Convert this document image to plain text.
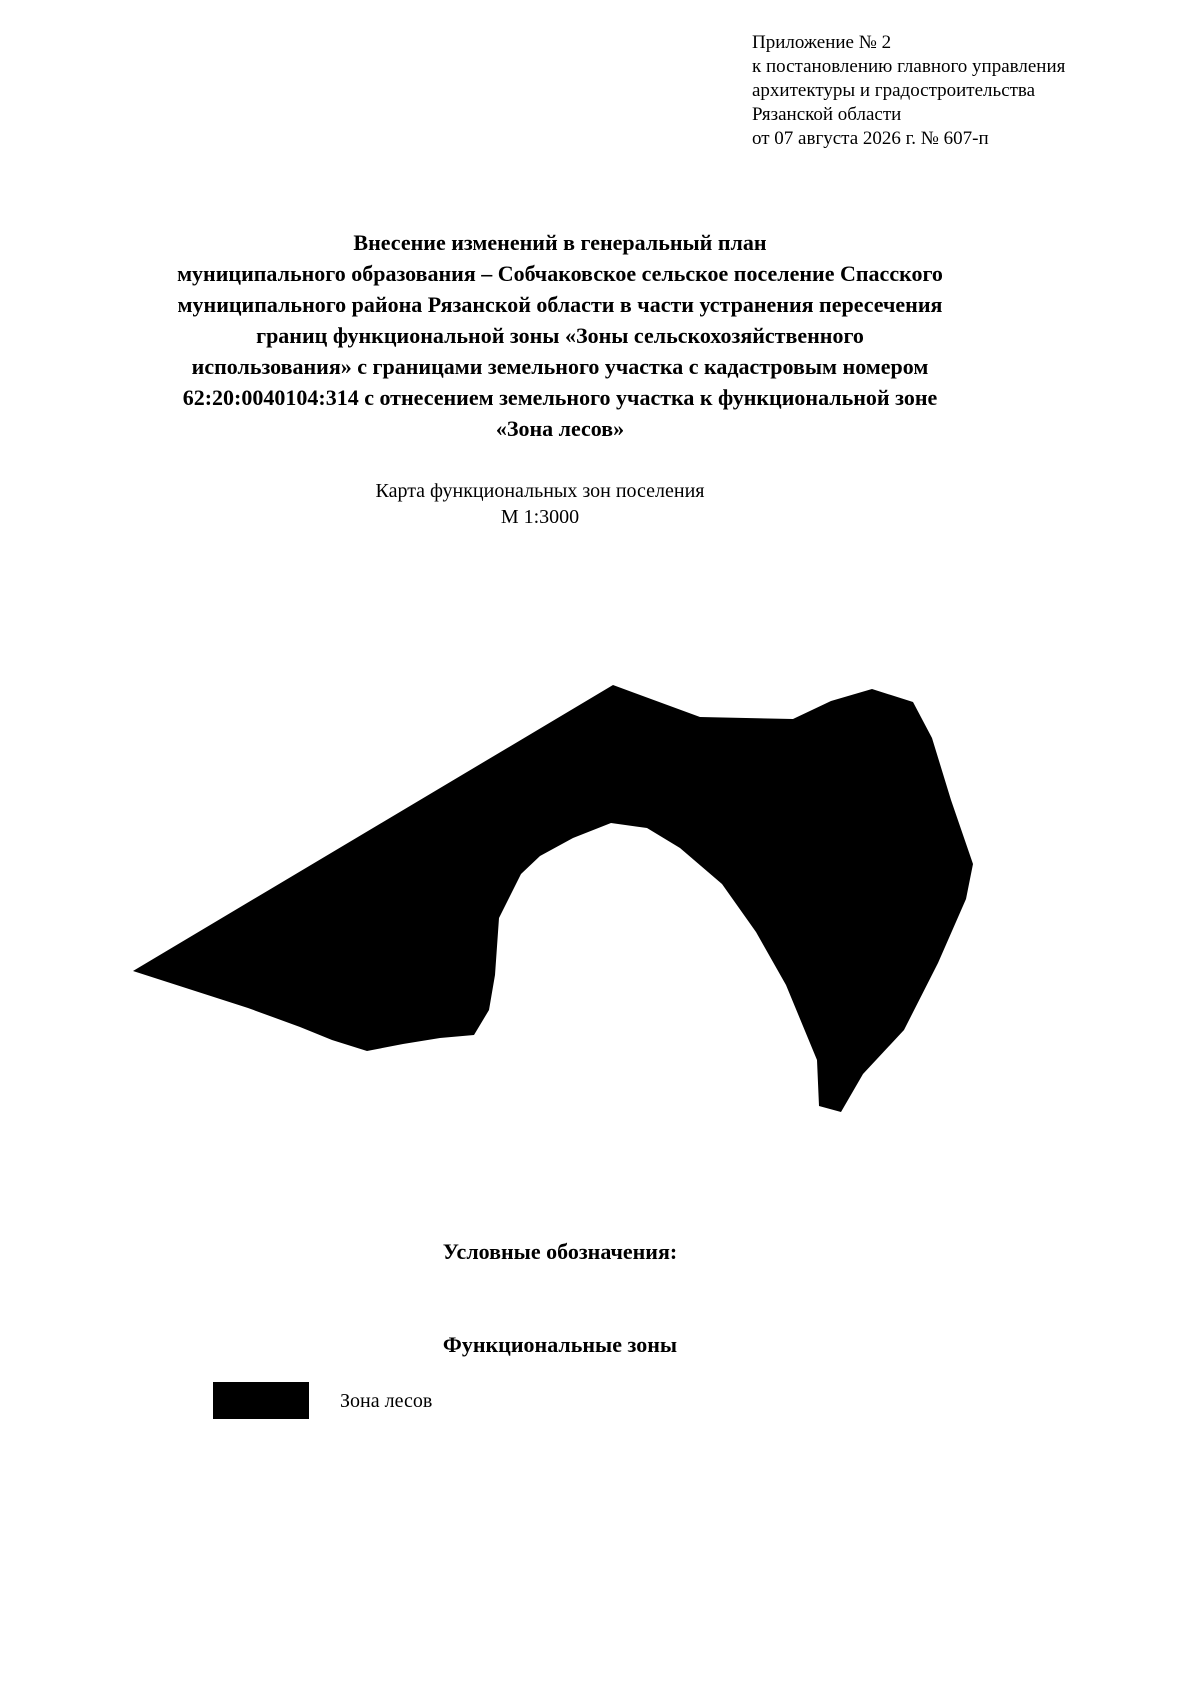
Приложение № 2
к постановлению главного управления
архитектуры и градостроительства
Рязанской области
от 07 августа 2026 г. № 607-п
Внесение изменений в генеральный план
муниципального образования – Собчаковское сельское поселение Спасского
муниципального района Рязанской области в части устранения пересечения
границ функциональной зоны «Зоны сельскохозяйственного
использования» с границами земельного участка с кадастровым номером
62:20:0040104:314 с отнесением земельного участка к функциональной зоне
«Зона лесов»
Карта функциональных зон поселения
М 1:3000
Условные обозначения:
Функциональные зоны
Зона лесов
